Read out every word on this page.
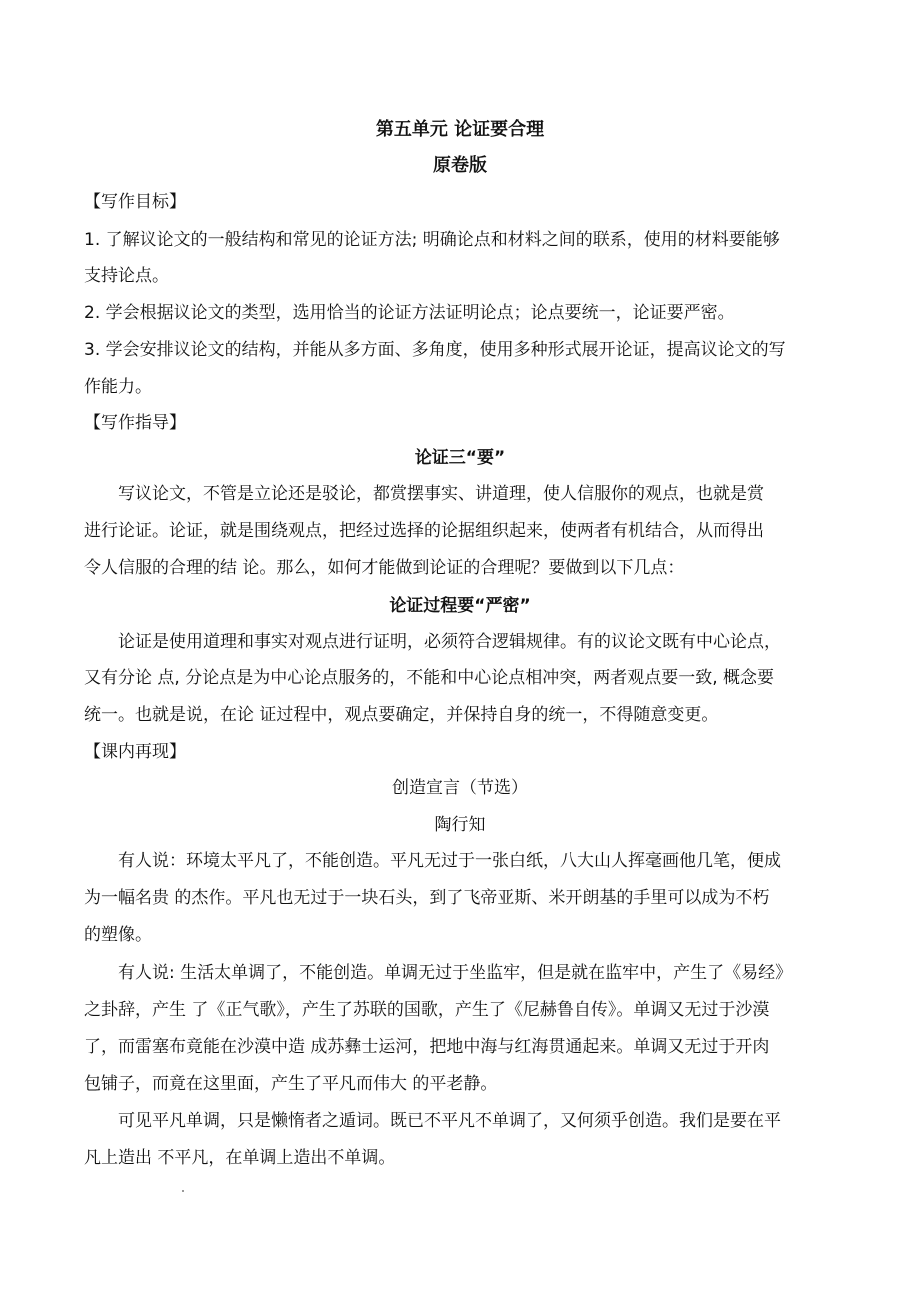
第五单元 论证要合理
原卷版
【写作目标】
1. 了解议论文的一般结构和常见的论证方法; 明确论点和材料之间的联系，使用的材料要能够
支持论点。
2. 学会根据议论文的类型，选用恰当的论证方法证明论点；论点要统一，论证要严密。
3. 学会安排议论文的结构，并能从多方面、多角度，使用多种形式展开论证，提高议论文的写
作能力。
【写作指导】
论证三“要”
写议论文，不管是立论还是驳论，都赏摆事实、讲道理，使人信服你的观点，也就是赏
进行论证。论证，就是围绕观点，把经过选择的论据组织起来，使两者有机结合，从而得出
令人信服的合理的结 论。那么，如何才能做到论证的合理呢？要做到以下几点：
论证过程要“严密”
论证是使用道理和事实对观点进行证明，必须符合逻辑规律。有的议论文既有中心论点，
又有分论 点, 分论点是为中心论点服务的，不能和中心论点相冲突，两者观点要一致, 概念要
统一。也就是说，在论 证过程中，观点要确定，并保持自身的统一，不得随意变更。
【课内再现】
创造宣言（节选）
陶行知
有人说：环境太平凡了，不能创造。平凡无过于一张白纸，八大山人挥毫画他几笔，便成
为一幅名贵 的杰作。平凡也无过于一块石头，到了飞帝亚斯、米开朗基的手里可以成为不朽
的塑像。
有人说: 生活太单调了，不能创造。单调无过于坐监牢，但是就在监牢中，产生了《易经》
之卦辞，产生 了《正气歌》，产生了苏联的国歌，产生了《尼赫鲁自传》。单调又无过于沙漠
了，而雷塞布竟能在沙漠中造 成苏彝士运河，把地中海与红海贯通起来。单调又无过于开肉
包铺子，而竟在这里面，产生了平凡而伟大 的平老静。
可见平凡单调，只是懒惰者之遁词。既已不平凡不单调了，又何须乎创造。我们是要在平
凡上造出 不平凡，在单调上造出不单调。
